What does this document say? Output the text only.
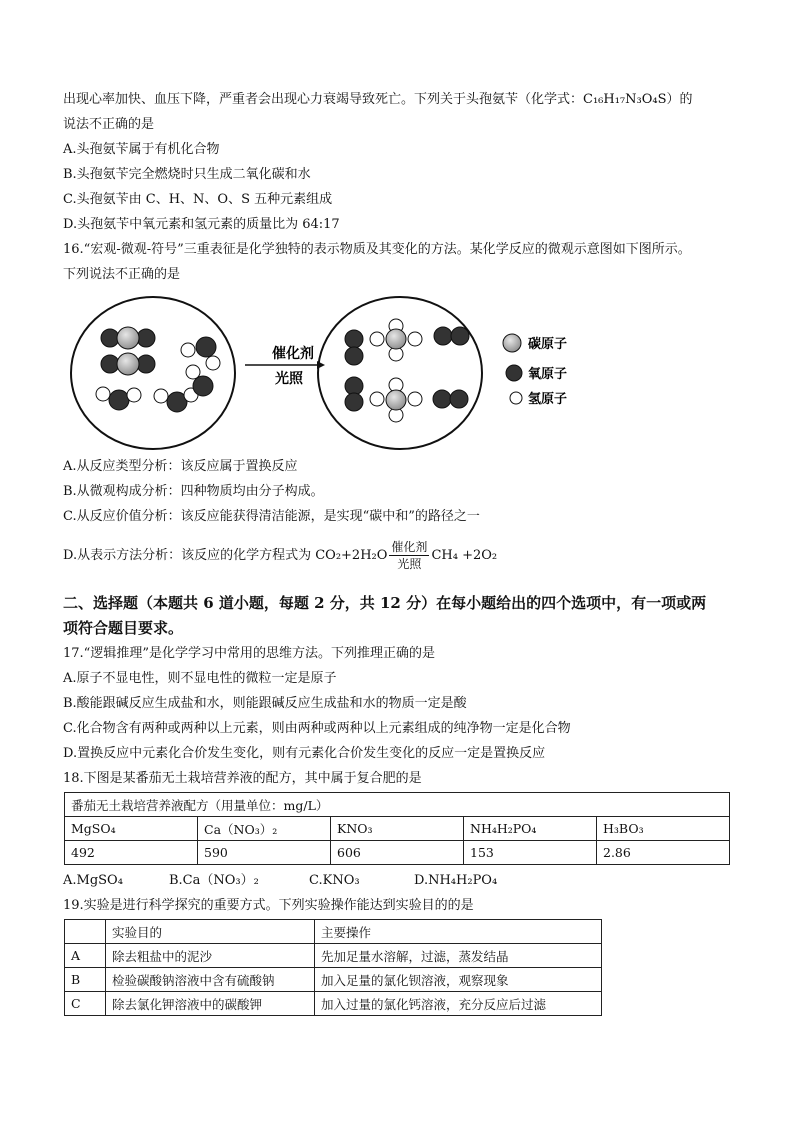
出现心率加快、血压下降，严重者会出现心力衰竭导致死亡。下列关于头孢氨苄（化学式：C₁₆H₁₇N₃O₄S）的
说法不正确的是
A.头孢氨苄属于有机化合物
B.头孢氨苄完全燃烧时只生成二氧化碳和水
C.头孢氨苄由 C、H、N、O、S 五种元素组成
D.头孢氨苄中氧元素和氢元素的质量比为 64:17
16.“宏观-微观-符号”三重表征是化学独特的表示物质及其变化的方法。某化学反应的微观示意图如下图所示。
下列说法不正确的是
催化剂
光照
碳原子
氧原子
氢原子
A.从反应类型分析：该反应属于置换反应
B.从微观构成分析：四种物质均由分子构成。
C.从反应价值分析：该反应能获得清洁能源，是实现“碳中和”的路径之一
D.从表示方法分析：该反应的化学方程式为 $CO_2+2H_2O \frac{\text{催化剂}}{\text{光照}} CH_4 +2O_2$
二、选择题（本题共 6 道小题，每题 2 分，共 12 分）在每小题给出的四个选项中，有一项或两
项符合题目要求。
17.“逻辑推理”是化学学习中常用的思维方法。下列推理正确的是
A.原子不显电性，则不显电性的微粒一定是原子
B.酸能跟碱反应生成盐和水，则能跟碱反应生成盐和水的物质一定是酸
C.化合物含有两种或两种以上元素，则由两种或两种以上元素组成的纯净物一定是化合物
D.置换反应中元素化合价发生变化，则有元素化合价发生变化的反应一定是置换反应
18.下图是某番茄无土栽培营养液的配方，其中属于复合肥的是
番茄无土栽培营养液配方（用量单位：mg/L）				
MgSO₄	Ca（NO₃）₂	KNO₃	NH₄H₂PO₄	H₃BO₃
492	590	606	153	2.86
A.MgSO₄	B.Ca（NO₃）₂	C.KNO₃	D.NH₄H₂PO₄
19.实验是进行科学探究的重要方式。下列实验操作能达到实验目的的是
	实验目的	主要操作
A	除去粗盐中的泥沙	先加足量水溶解，过滤，蒸发结晶
B	检验碳酸钠溶液中含有硫酸钠	加入足量的氯化钡溶液，观察现象
C	除去氯化钾溶液中的碳酸钾	加入过量的氯化钙溶液，充分反应后过滤
